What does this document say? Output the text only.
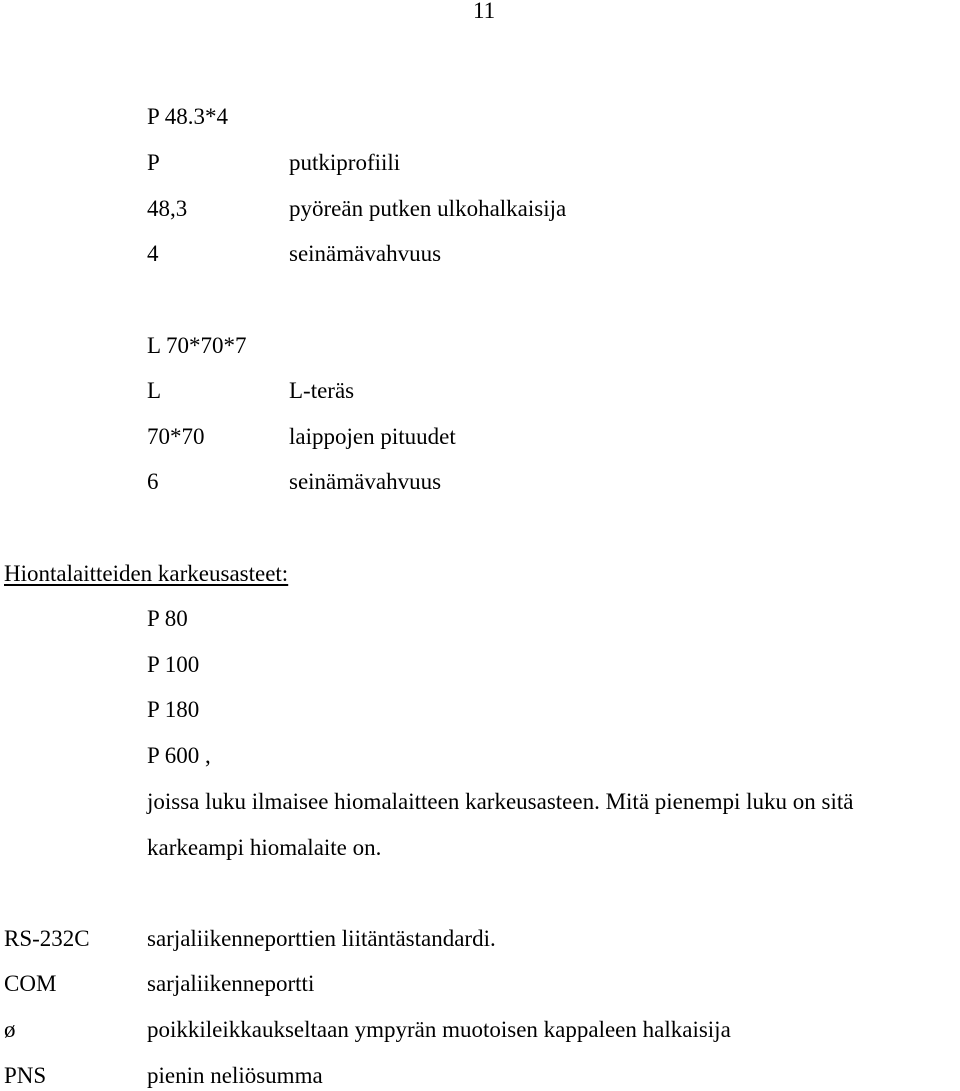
11
P 48.3*4
P	putkiprofiili
48,3	pyöreän putken ulkohalkaisija
4	seinämävahvuus
L 70*70*7
L	L-teräs
70*70	laippojen pituudet
6	seinämävahvuus
Hiontalaitteiden karkeusasteet:
P 80
P 100
P 180
P 600 ,
joissa luku ilmaisee hiomalaitteen karkeusasteen. Mitä pienempi luku on sitä
karkeampi hiomalaite on.
RS-232C sarjaliikenneporttien liitäntästandardi.
COM	sarjaliikenneportti
ø	poikkileikkaukseltaan ympyrän muotoisen kappaleen halkaisija
PNS	pienin neliösumma
